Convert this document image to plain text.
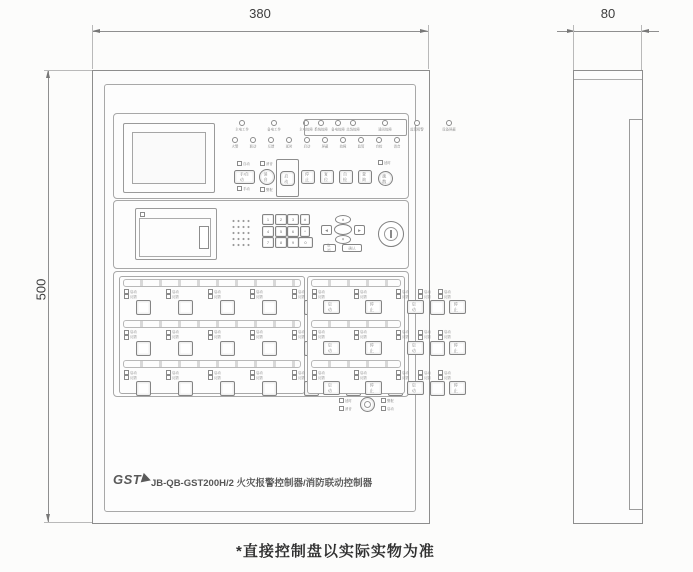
380	80
500
主电工作 备电工作 主电故障 备电故障
系统故障 总线故障 通讯故障 监管报警 设备屏蔽
火警 联动 反馈 延时 启动 屏蔽 故障 监管 自检 消音
自动
手/自动
手动
消音
消音
警报
启动
停止
复位
自检
查询
延时
疏散
1 2 3 #
4 5 6 *
7 8 9 0
▲
◀	▶
▼
取消
确认
启动
反馈
启动
反馈
启动
反馈
启动
反馈
启动
反馈
启动
反馈
启动
反馈
启动
反馈
启动
反馈
启动
反馈
启动
反馈
启动
反馈
启动
反馈
启动
反馈
启动
反馈
启动
反馈
启动
反馈
启动
反馈
启动
反馈
启动
启动
反馈
停止
启动
反馈
启动
启动
反馈
停止
启动
反馈
启动
启动
反馈
停止
启动
反馈
启动
启动
反馈
停止
启动
反馈
启动
启动
反馈
停止
启动
反馈
启动
启动
反馈
停止
延时
消音
警报
启动
GST	JB-QB-GST200H/2 火灾报警控制器/消防联动控制器
*直接控制盘以实际实物为准
